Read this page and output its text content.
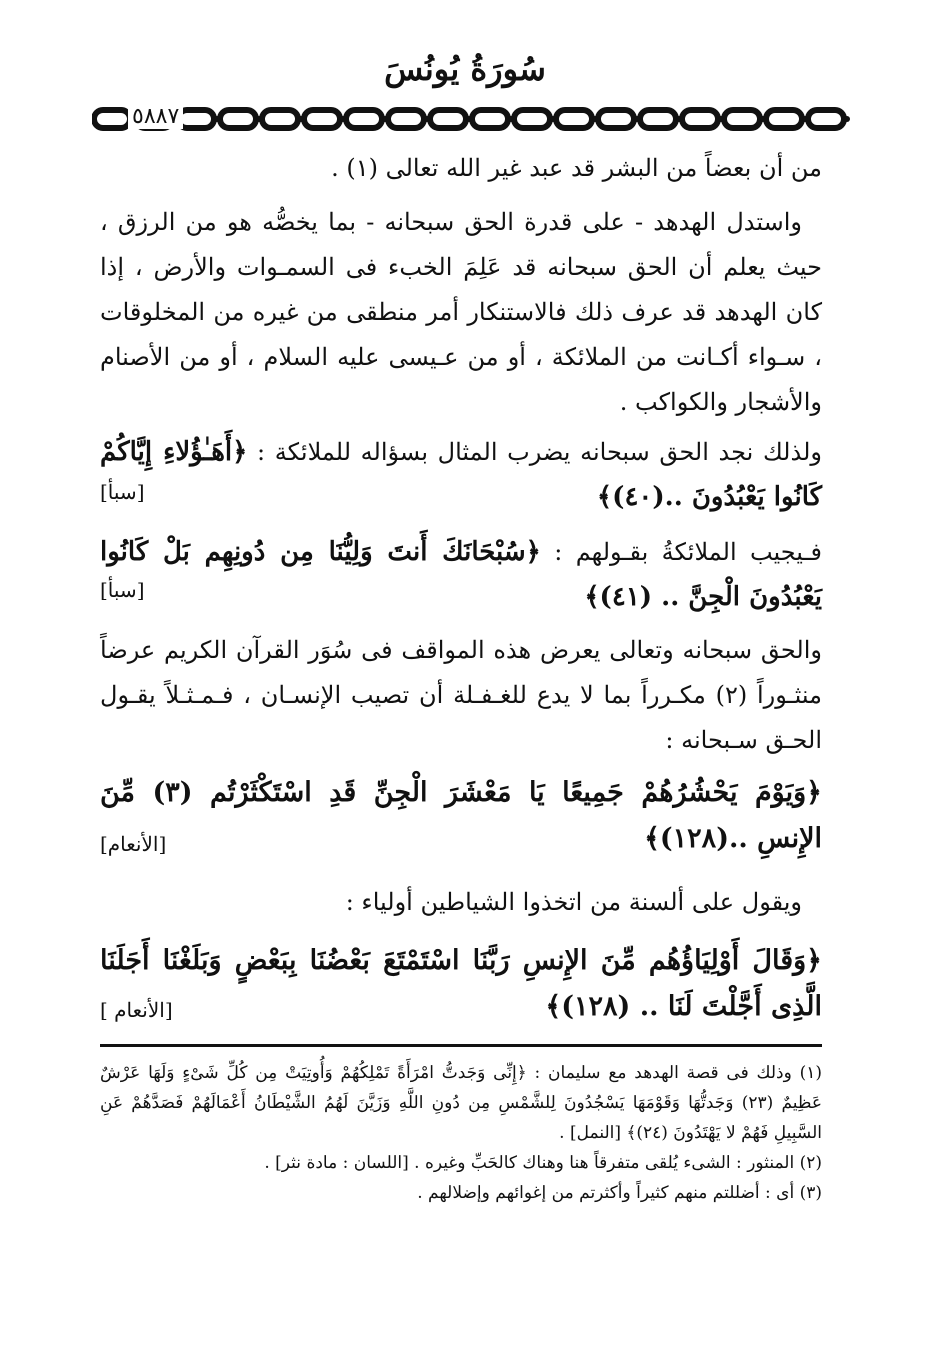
سُورَةُ يُونُسَ
٥٨٨٧

من أن بعضاً من البشر قد عبد غير الله تعالى (١) .

واستدل الهدهد - على قدرة الحق سبحانه - بما يخصُّه هو من الرزق ، حيث يعلم أن الحق سبحانه قد عَلِمَ الخبء فى السمـوات والأرض ، إذا كان الهدهد قد عرف ذلك فالاستنكار أمر منطقى من غيره من المخلوقات ، سـواء أكـانت من الملائكة ، أو من عـيسى عليه السلام ، أو من الأصنام والأشجار والكواكب .

ولذلك نجد الحق سبحانه يضرب المثال بسؤاله للملائكة : ﴿أَهَـٰؤُلاءِ إِيَّاكُمْ كَانُوا يَعْبُدُونَ ..(٤٠)﴾

[سبأ]

فـيجيب الملائكةُ بقـولهم : ﴿سُبْحَانَكَ أَنتَ وَلِيُّنَا مِن دُونِهِم بَلْ كَانُوا يَعْبُدُونَ الْجِنَّ .. (٤١)﴾

[سبأ]

والحق سبحانه وتعالى يعرض هذه المواقف فى سُوَر القرآن الكريم عرضاً منثـوراً (٢) مكـرراً بما لا يدع للغـفـلة أن تصيب الإنسـان ، فـمـثـلاً يقـول الحـق سـبحانه :

﴿وَيَوْمَ يَحْشُرُهُمْ جَمِيعًا يَا مَعْشَرَ الْجِنِّ قَدِ اسْتَكْثَرْتُم (٣) مِّنَ الإِنسِ ..(١٢٨)﴾
[الأنعام]

ويقول على ألسنة من اتخذوا الشياطين أولياء :

﴿وَقَالَ أَوْلِيَاؤُهُم مِّنَ الإِنسِ رَبَّنَا اسْتَمْتَعَ بَعْضُنَا بِبَعْضٍ وَبَلَغْنَا أَجَلَنَا الَّذِى أَجَّلْتَ لَنَا .. (١٢٨)﴾
[الأنعام ]

(١) وذلك فى قصة الهدهد مع سليمان : ﴿إِنِّى وَجَدتُّ امْرَأَةً تَمْلِكُهُمْ وَأُوتِيَتْ مِن كُلِّ شَىْءٍ وَلَهَا عَرْشٌ عَظِيمٌ (٢٣) وَجَدتُّهَا وَقَوْمَهَا يَسْجُدُونَ لِلشَّمْسِ مِن دُونِ اللَّهِ وَزَيَّنَ لَهُمُ الشَّيْطَانُ أَعْمَالَهُمْ فَصَدَّهُمْ عَنِ السَّبِيلِ فَهُمْ لا يَهْتَدُونَ (٢٤)﴾ [النمل] .

(٢) المنثور : الشىء يُلقى متفرقاً هنا وهناك كالحَبِّ وغيره . [اللسان : مادة نثر] .

(٣) أى : أضللتم منهم كثيراً وأكثرتم من إغوائهم وإضلالهم .
